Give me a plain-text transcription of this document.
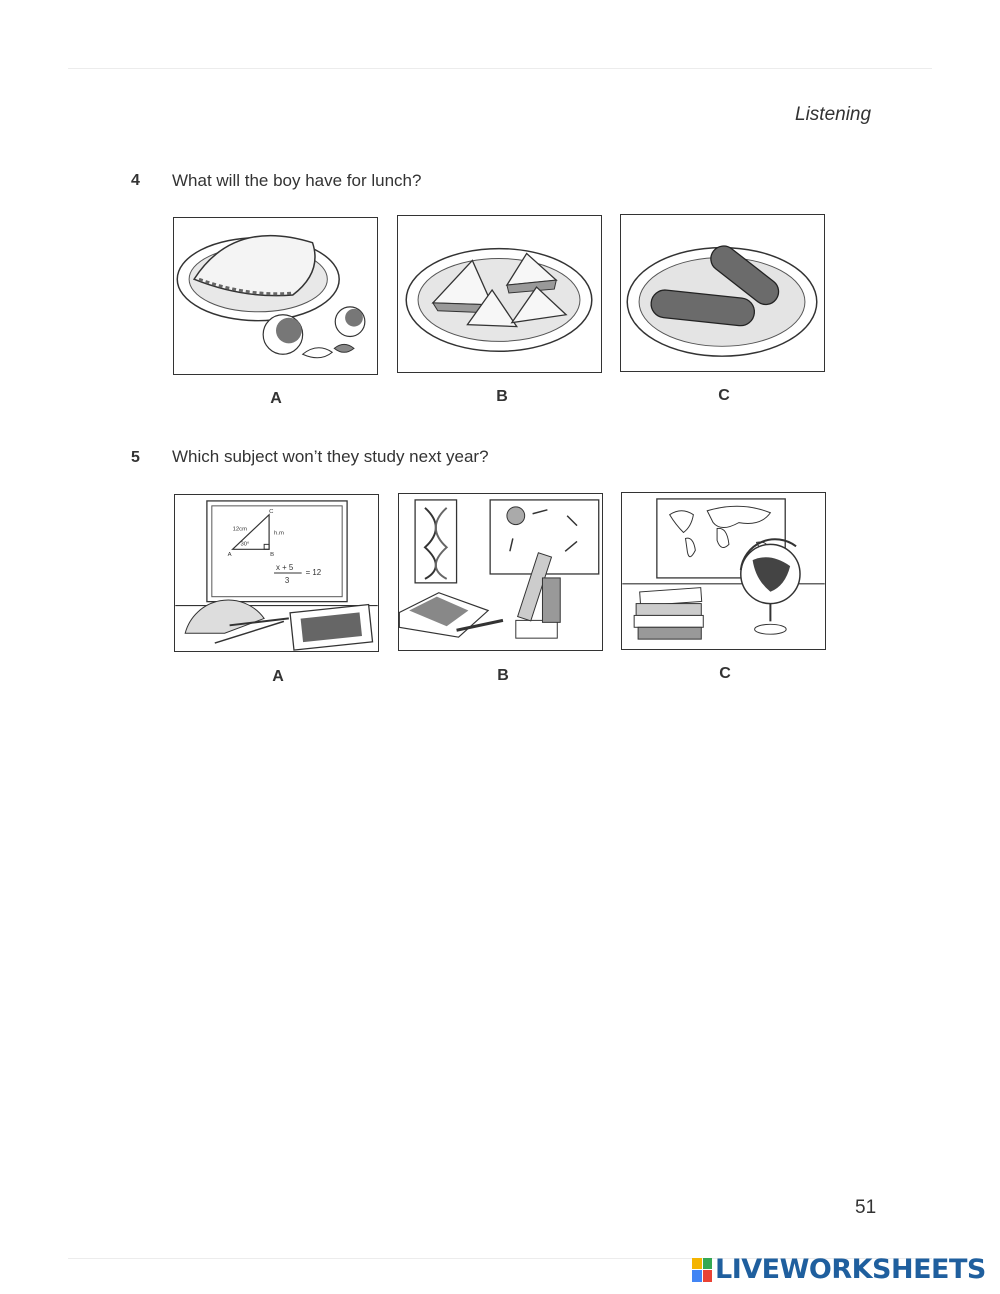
Listening
4 What will the boy have for lunch?
A	B	C
5 Which subject won’t they study next year?
12cm
h.m
30°
A	B
C
x + 5
3
= 12
A	B	C
51
LIVEWORKSHEETS
